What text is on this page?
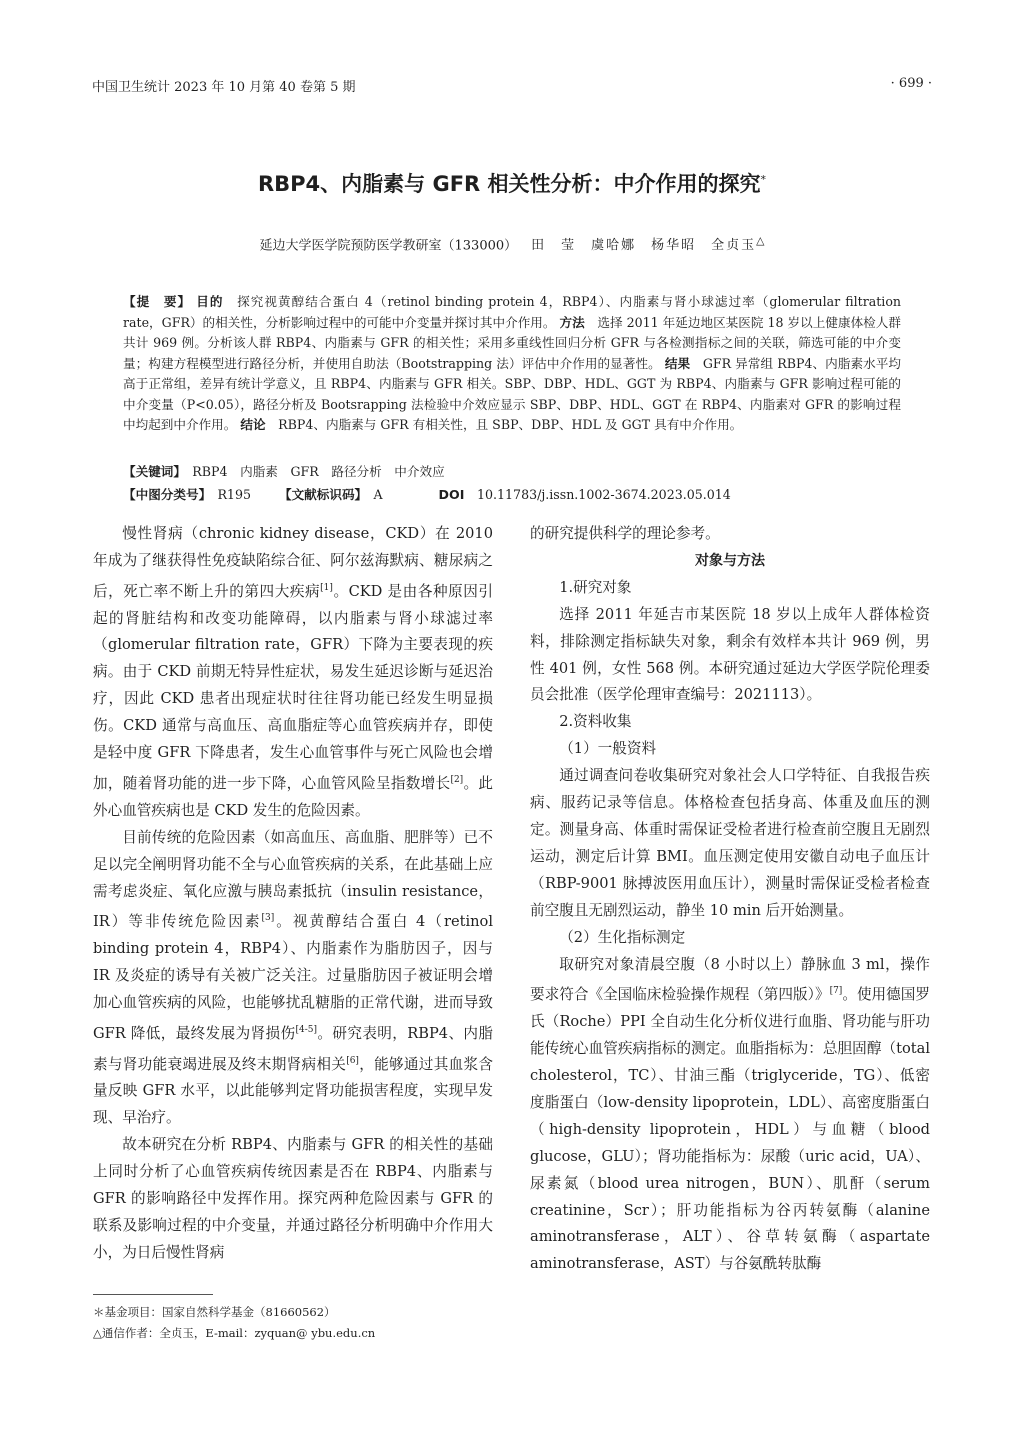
中国卫生统计 2023 年 10 月第 40 卷第 5 期	· 699 ·
RBP4、内脂素与 GFR 相关性分析：中介作用的探究*
延边大学医学院预防医学教研室（133000） 田　莹　虞哈娜　杨华昭　全贞玉△
【提　要】 目的　 探究视黄醇结合蛋白 4（retinol binding protein 4，RBP4）、内脂素与肾小球滤过率（glomerular filtration rate，GFR）的相关性，分析影响过程中的可能中介变量并探讨其中介作用。 方法　 选择 2011 年延边地区某医院 18 岁以上健康体检人群共计 969 例。分析该人群 RBP4、内脂素与 GFR 的相关性；采用多重线性回归分析 GFR 与各检测指标之间的关联，筛选可能的中介变量；构建方程模型进行路径分析，并使用自助法（Bootstrapping 法）评估中介作用的显著性。 结果　 GFR 异常组 RBP4、内脂素水平均高于正常组，差异有统计学意义，且 RBP4、内脂素与 GFR 相关。SBP、DBP、HDL、GGT 为 RBP4、内脂素与 GFR 影响过程可能的中介变量（P<0.05），路径分析及 Bootsrapping 法检验中介效应显示 SBP、DBP、HDL、GGT 在 RBP4、内脂素对 GFR 的影响过程中均起到中介作用。 结论　 RBP4、内脂素与 GFR 有相关性，且 SBP、DBP、HDL 及 GGT 具有中介作用。
【关键词】　 RBP4　内脂素　GFR　路径分析　中介效应
【中图分类号】　 R195 【文献标识码】　 A	DOI　 10.11783/j.issn.1002-3674.2023.05.014

慢性肾病（chronic kidney disease，CKD）在 2010 年成为了继获得性免疫缺陷综合征、阿尔兹海默病、糖尿病之后，死亡率不断上升的第四大疾病[1]。CKD 是由各种原因引起的肾脏结构和改变功能障碍，以内脂素与肾小球滤过率（glomerular filtration rate，GFR）下降为主要表现的疾病。由于 CKD 前期无特异性症状，易发生延迟诊断与延迟治疗，因此 CKD 患者出现症状时往往肾功能已经发生明显损伤。CKD 通常与高血压、高血脂症等心血管疾病并存，即使是轻中度 GFR 下降患者，发生心血管事件与死亡风险也会增加，随着肾功能的进一步下降，心血管风险呈指数增长[2]。此外心血管疾病也是 CKD 发生的危险因素。

目前传统的危险因素（如高血压、高血脂、肥胖等）已不足以完全阐明肾功能不全与心血管疾病的关系，在此基础上应需考虑炎症、氧化应激与胰岛素抵抗（insulin resistance，IR）等非传统危险因素[3]。视黄醇结合蛋白 4（retinol binding protein 4，RBP4）、内脂素作为脂肪因子，因与 IR 及炎症的诱导有关被广泛关注。过量脂肪因子被证明会增加心血管疾病的风险，也能够扰乱糖脂的正常代谢，进而导致 GFR 降低，最终发展为肾损伤[4-5]。研究表明，RBP4、内脂素与肾功能衰竭进展及终末期肾病相关[6]，能够通过其血浆含量反映 GFR 水平，以此能够判定肾功能损害程度，实现早发现、早治疗。

故本研究在分析 RBP4、内脂素与 GFR 的相关性的基础上同时分析了心血管疾病传统因素是否在 RBP4、内脂素与 GFR 的影响路径中发挥作用。探究两种危险因素与 GFR 的联系及影响过程的中介变量，并通过路径分析明确中介作用大小，为日后慢性肾病

的研究提供科学的理论参考。

对象与方法

1.研究对象

选择 2011 年延吉市某医院 18 岁以上成年人群体检资料，排除测定指标缺失对象，剩余有效样本共计 969 例，男性 401 例，女性 568 例。本研究通过延边大学医学院伦理委员会批准（医学伦理审查编号：2021113）。

2.资料收集

（1）一般资料

通过调查问卷收集研究对象社会人口学特征、自我报告疾病、服药记录等信息。体格检查包括身高、体重及血压的测定。测量身高、体重时需保证受检者进行检查前空腹且无剧烈运动，测定后计算 BMI。血压测定使用安徽自动电子血压计（RBP-9001 脉搏波医用血压计），测量时需保证受检者检查前空腹且无剧烈运动，静坐 10 min 后开始测量。

（2）生化指标测定

取研究对象清晨空腹（8 小时以上）静脉血 3 ml，操作要求符合《全国临床检验操作规程（第四版）》[7]。使用德国罗氏（Roche）PPI 全自动生化分析仪进行血脂、肾功能与肝功能传统心血管疾病指标的测定。血脂指标为：总胆固醇（total cholesterol，TC）、甘油三酯（triglyceride，TG）、低密度脂蛋白（low-density lipoprotein，LDL）、高密度脂蛋白（high-density lipoprotein，HDL）与血糖（blood glucose，GLU）；肾功能指标为：尿酸（uric acid，UA）、尿素氮（blood urea nitrogen，BUN）、肌酐（serum creatinine，Scr）；肝功能指标为谷丙转氨酶（alanine aminotransferase，ALT）、谷草转氨酶（aspartate aminotransferase，AST）与谷氨酰转肽酶

＊基金项目：国家自然科学基金（81660562）
△通信作者：全贞玉，E-mail：zyquan@ ybu.edu.cn
